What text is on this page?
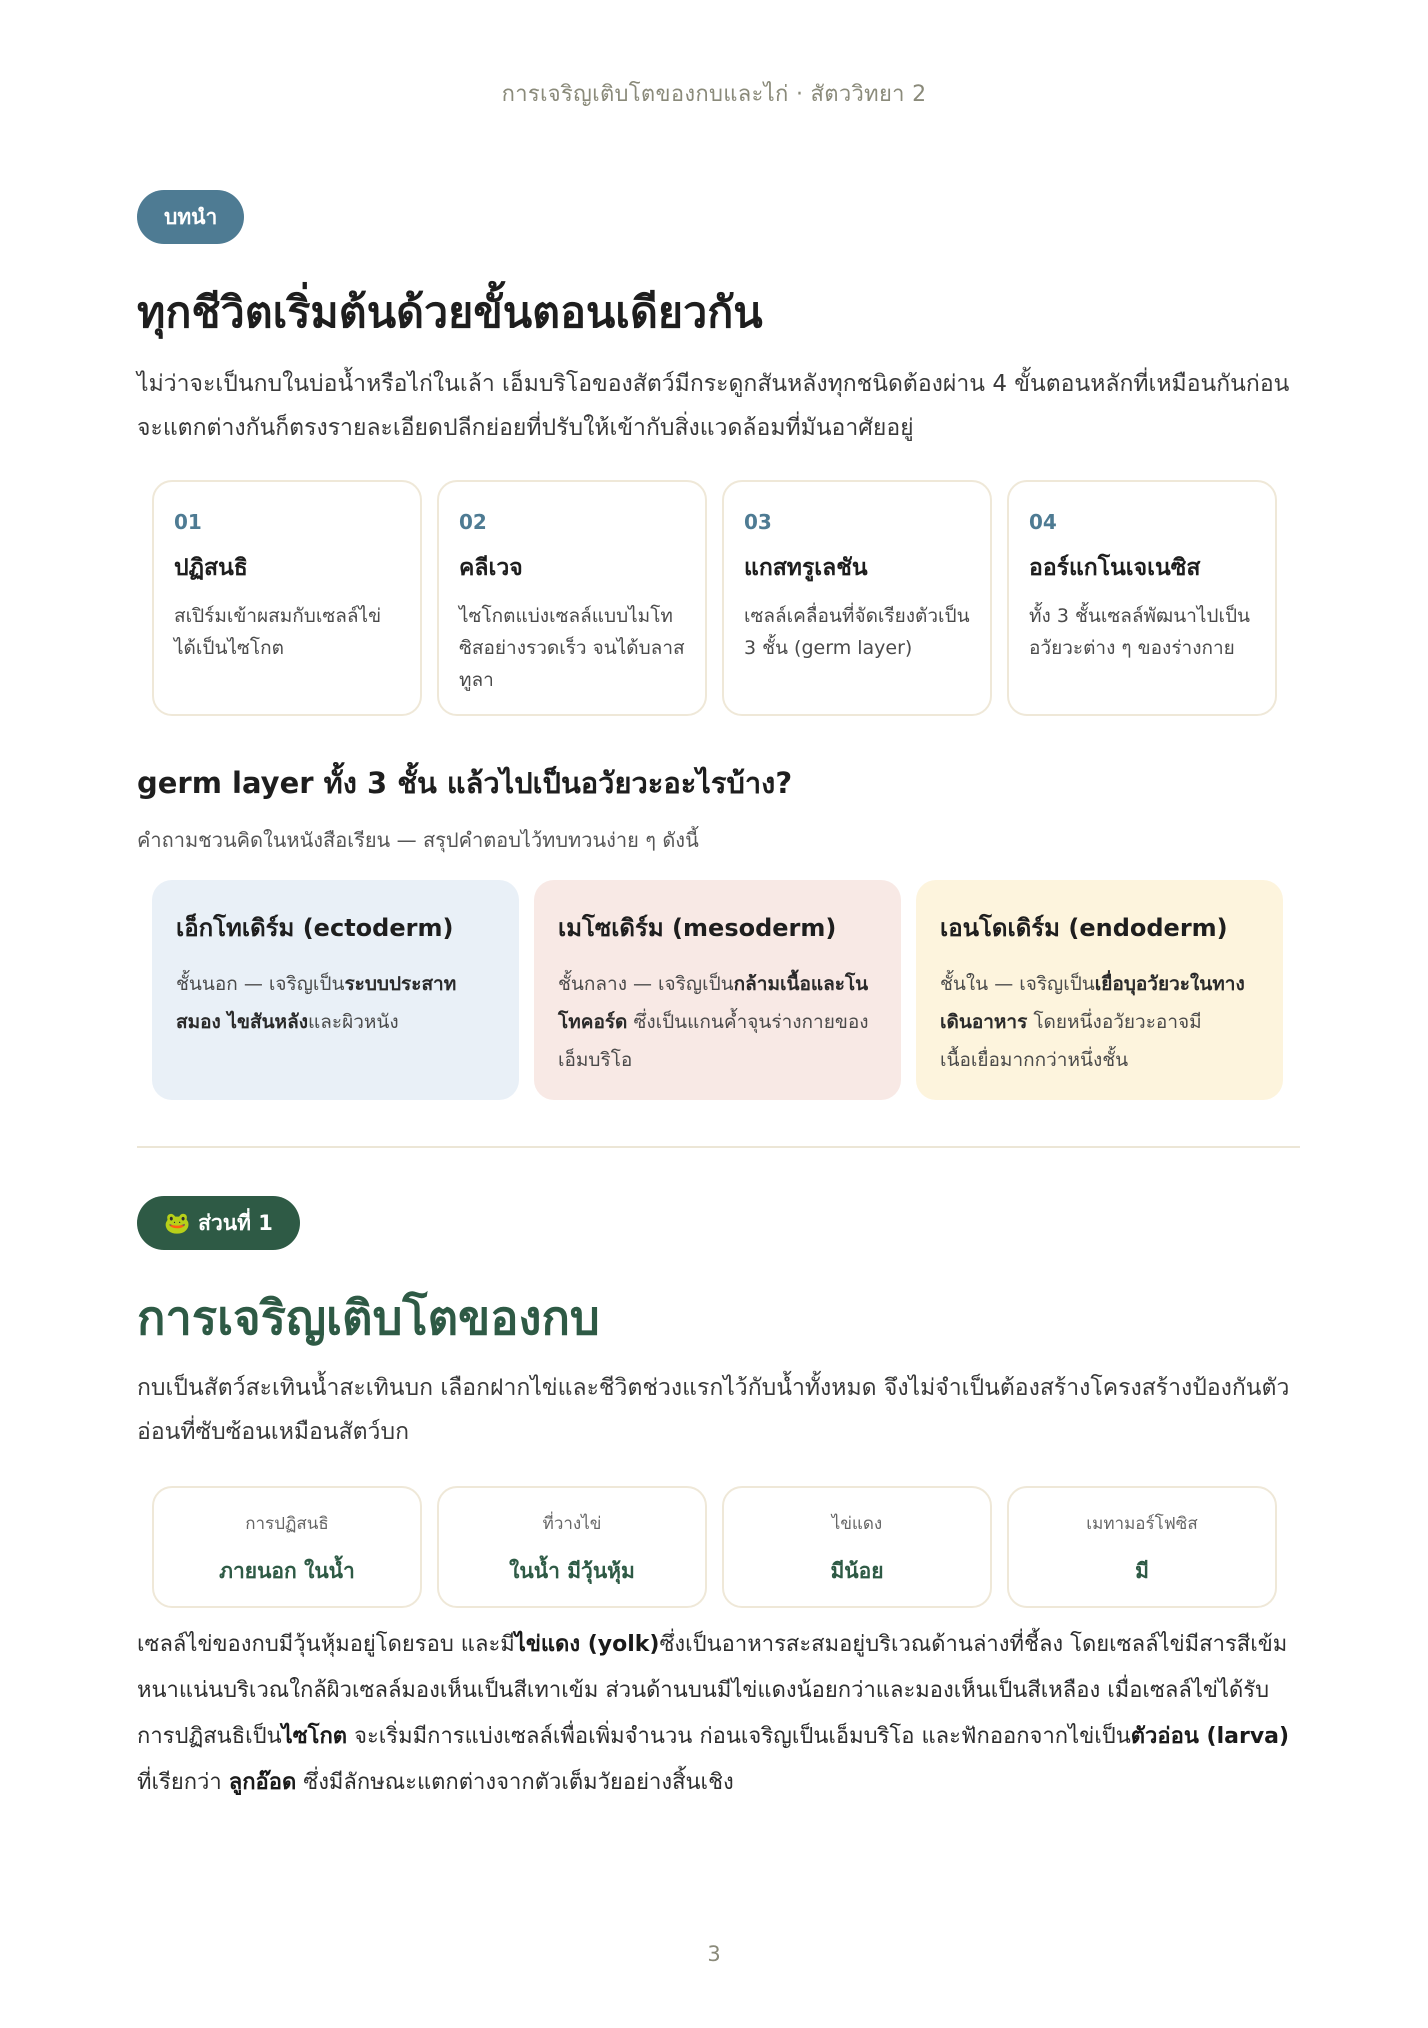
การเจริญเติบโตของกบและไก่ · สัตววิทยา 2
บทนำ
ทุกชีวิตเริ่มต้นด้วยขั้นตอนเดียวกัน

ไม่ว่าจะเป็นกบในบ่อน้ำหรือไก่ในเล้า เอ็มบริโอของสัตว์มีกระดูกสันหลังทุกชนิดต้องผ่าน 4 ขั้นตอนหลักที่เหมือนกันก่อน จะแตกต่างกันก็ตรงรายละเอียดปลีกย่อยที่ปรับให้เข้ากับสิ่งแวดล้อมที่มันอาศัยอยู่

01
ปฏิสนธิ
สเปิร์มเข้าผสมกับเซลล์ไข่ ได้เป็นไซโกต
02
คลีเวจ
ไซโกตแบ่งเซลล์แบบไมโทซิสอย่างรวดเร็ว จนได้บลาสทูลา
03
แกสทรูเลชัน
เซลล์เคลื่อนที่จัดเรียงตัวเป็น 3 ชั้น (germ layer)
04
ออร์แกโนเจเนซิส
ทั้ง 3 ชั้นเซลล์พัฒนาไปเป็นอวัยวะต่าง ๆ ของร่างกาย
germ layer ทั้ง 3 ชั้น แล้วไปเป็นอวัยวะอะไรบ้าง?

คำถามชวนคิดในหนังสือเรียน — สรุปคำตอบไว้ทบทวนง่าย ๆ ดังนี้

เอ็กโทเดิร์ม (ectoderm)
ชั้นนอก — เจริญเป็นระบบประสาท สมอง ไขสันหลังและผิวหนัง
เมโซเดิร์ม (mesoderm)
ชั้นกลาง — เจริญเป็นกล้ามเนื้อและโนโทคอร์ด ซึ่งเป็นแกนค้ำจุนร่างกายของเอ็มบริโอ
เอนโดเดิร์ม (endoderm)
ชั้นใน — เจริญเป็นเยื่อบุอวัยวะในทางเดินอาหาร โดยหนึ่งอวัยวะอาจมีเนื้อเยื่อมากกว่าหนึ่งชั้น
🐸 ส่วนที่ 1
การเจริญเติบโตของกบ

กบเป็นสัตว์สะเทินน้ำสะเทินบก เลือกฝากไข่และชีวิตช่วงแรกไว้กับน้ำทั้งหมด จึงไม่จำเป็นต้องสร้างโครงสร้างป้องกันตัวอ่อนที่ซับซ้อนเหมือนสัตว์บก

การปฏิสนธิ
ภายนอก ในน้ำ
ที่วางไข่
ในน้ำ มีวุ้นหุ้ม
ไข่แดง
มีน้อย
เมทามอร์โฟซิส
มี

เซลล์ไข่ของกบมีวุ้นหุ้มอยู่โดยรอบ และมีไข่แดง (yolk)ซึ่งเป็นอาหารสะสมอยู่บริเวณด้านล่างที่ชี้ลง โดยเซลล์ไข่มีสารสีเข้มหนาแน่นบริเวณใกล้ผิวเซลล์มองเห็นเป็นสีเทาเข้ม ส่วนด้านบนมีไข่แดงน้อยกว่าและมองเห็นเป็นสีเหลือง เมื่อเซลล์ไข่ได้รับการปฏิสนธิเป็นไซโกต จะเริ่มมีการแบ่งเซลล์เพื่อเพิ่มจำนวน ก่อนเจริญเป็นเอ็มบริโอ และฟักออกจากไข่เป็นตัวอ่อน (larva) ที่เรียกว่า ลูกอ๊อด ซึ่งมีลักษณะแตกต่างจากตัวเต็มวัยอย่างสิ้นเชิง

3
